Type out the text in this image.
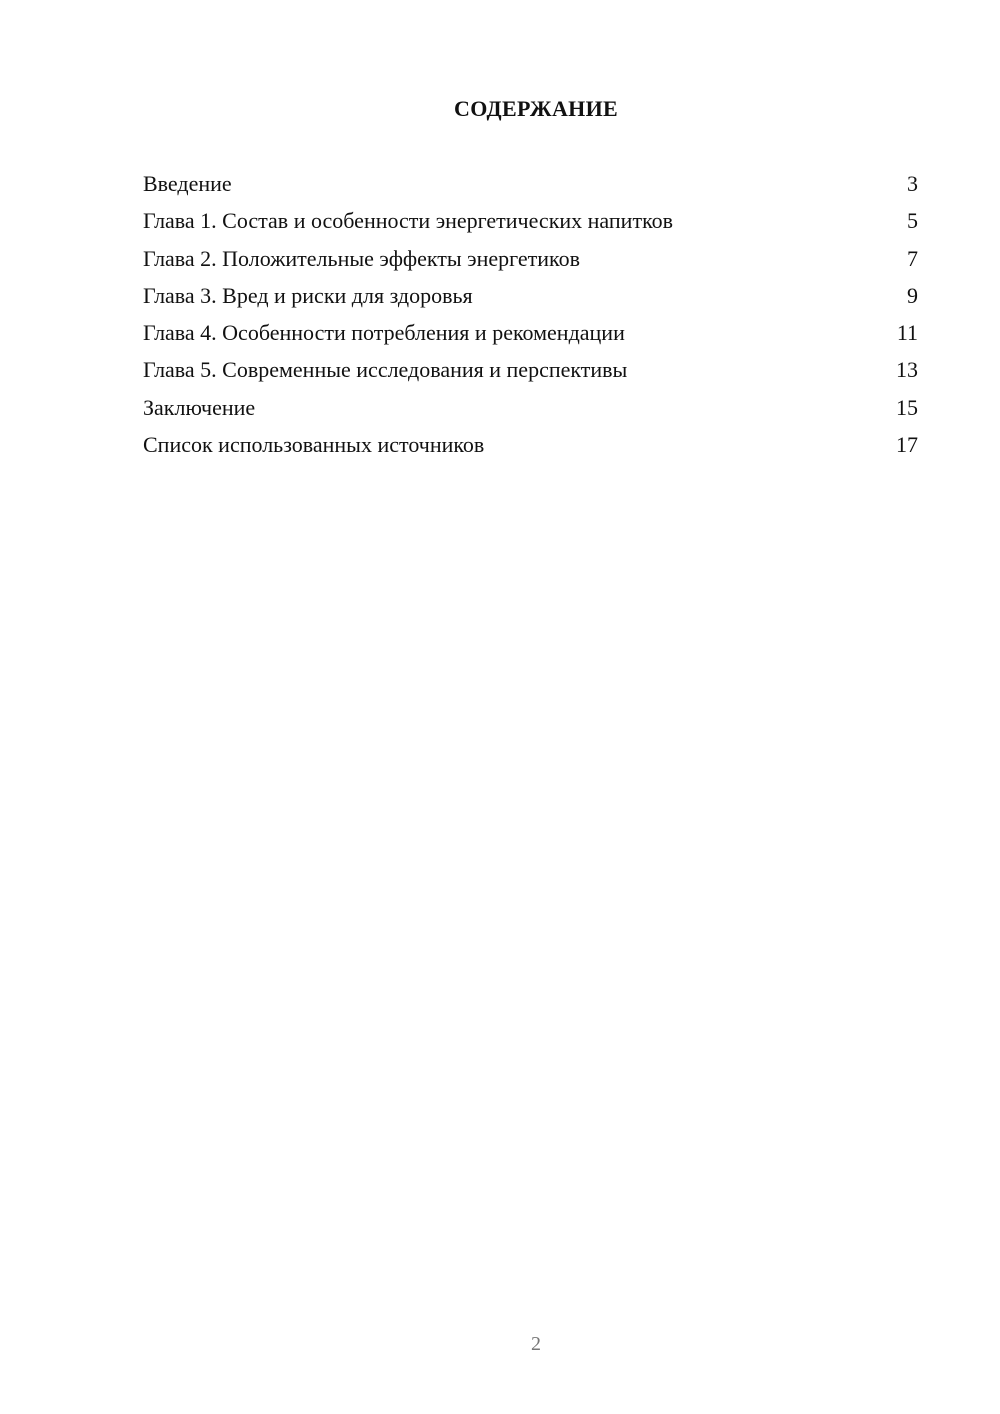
СОДЕРЖАНИЕ
Введение	3
Глава 1. Состав и особенности энергетических напитков	5
Глава 2. Положительные эффекты энергетиков	7
Глава 3. Вред и риски для здоровья	9
Глава 4. Особенности потребления и рекомендации	11
Глава 5. Современные исследования и перспективы	13
Заключение	15
Список использованных источников	17
2
